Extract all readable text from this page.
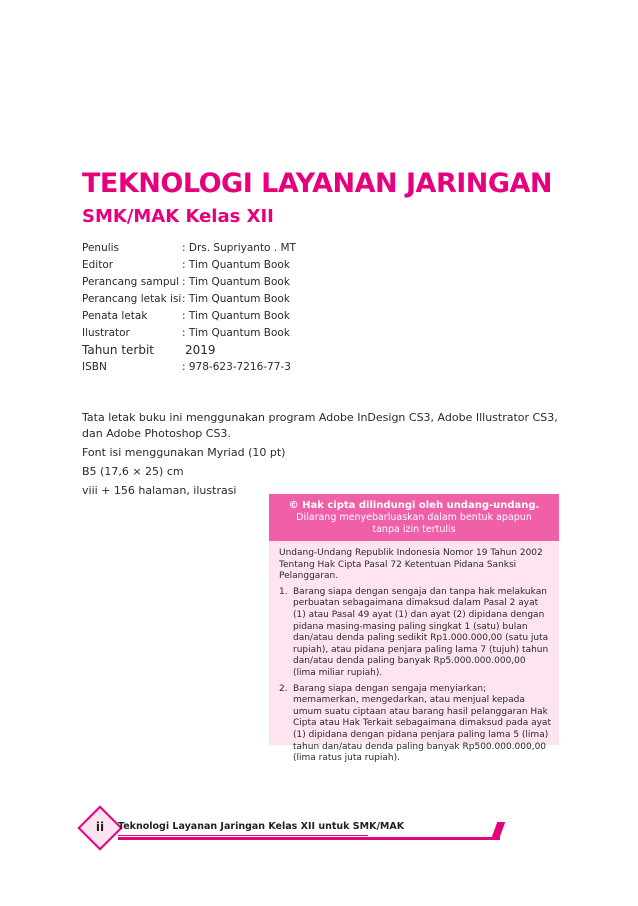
TEKNOLOGI LAYANAN JARINGAN
SMK/MAK Kelas XII
Penulis	: Drs. Supriyanto . MT
Editor	: Tim Quantum Book
Perancang sampul : Tim Quantum Book
Perancang letak isi : Tim Quantum Book
Penata letak	: Tim Quantum Book
Ilustrator	: Tim Quantum Book
Tahun terbit	2019
ISBN	: 978-623-7216-77-3

Tata letak buku ini menggunakan program Adobe InDesign CS3, Adobe Illustrator CS3, dan Adobe Photoshop CS3.

Font isi menggunakan Myriad (10 pt)

B5 (17,6 × 25) cm

viii + 156 halaman, ilustrasi

© Hak cipta dilindungi oleh undang-undang.
Dilarang menyebarluaskan dalam bentuk apapun
tanpa izin tertulis

Undang-Undang Republik Indonesia Nomor 19 Tahun 2002 Tentang Hak Cipta Pasal 72 Ketentuan Pidana Sanksi Pelanggaran.

1. Barang siapa dengan sengaja dan tanpa hak melakukan perbuatan sebagaimana dimaksud dalam Pasal 2 ayat (1) atau Pasal 49 ayat (1) dan ayat (2) dipidana dengan pidana masing-masing paling singkat 1 (satu) bulan dan/atau denda paling sedikit Rp1.000.000,00 (satu juta rupiah), atau pidana penjara paling lama 7 (tujuh) tahun dan/atau denda paling banyak Rp5.000.000.000,00 (lima miliar rupiah).
2. Barang siapa dengan sengaja menyiarkan; memamerkan, mengedarkan, atau menjual kepada umum suatu ciptaan atau barang hasil pelanggaran Hak Cipta atau Hak Terkait sebagaimana dimaksud pada ayat (1) dipidana dengan pidana penjara paling lama 5 (lima) tahun dan/atau denda paling banyak Rp500.000.000,00 (lima ratus juta rupiah).
ii	Teknologi Layanan Jaringan Kelas XII untuk SMK/MAK
